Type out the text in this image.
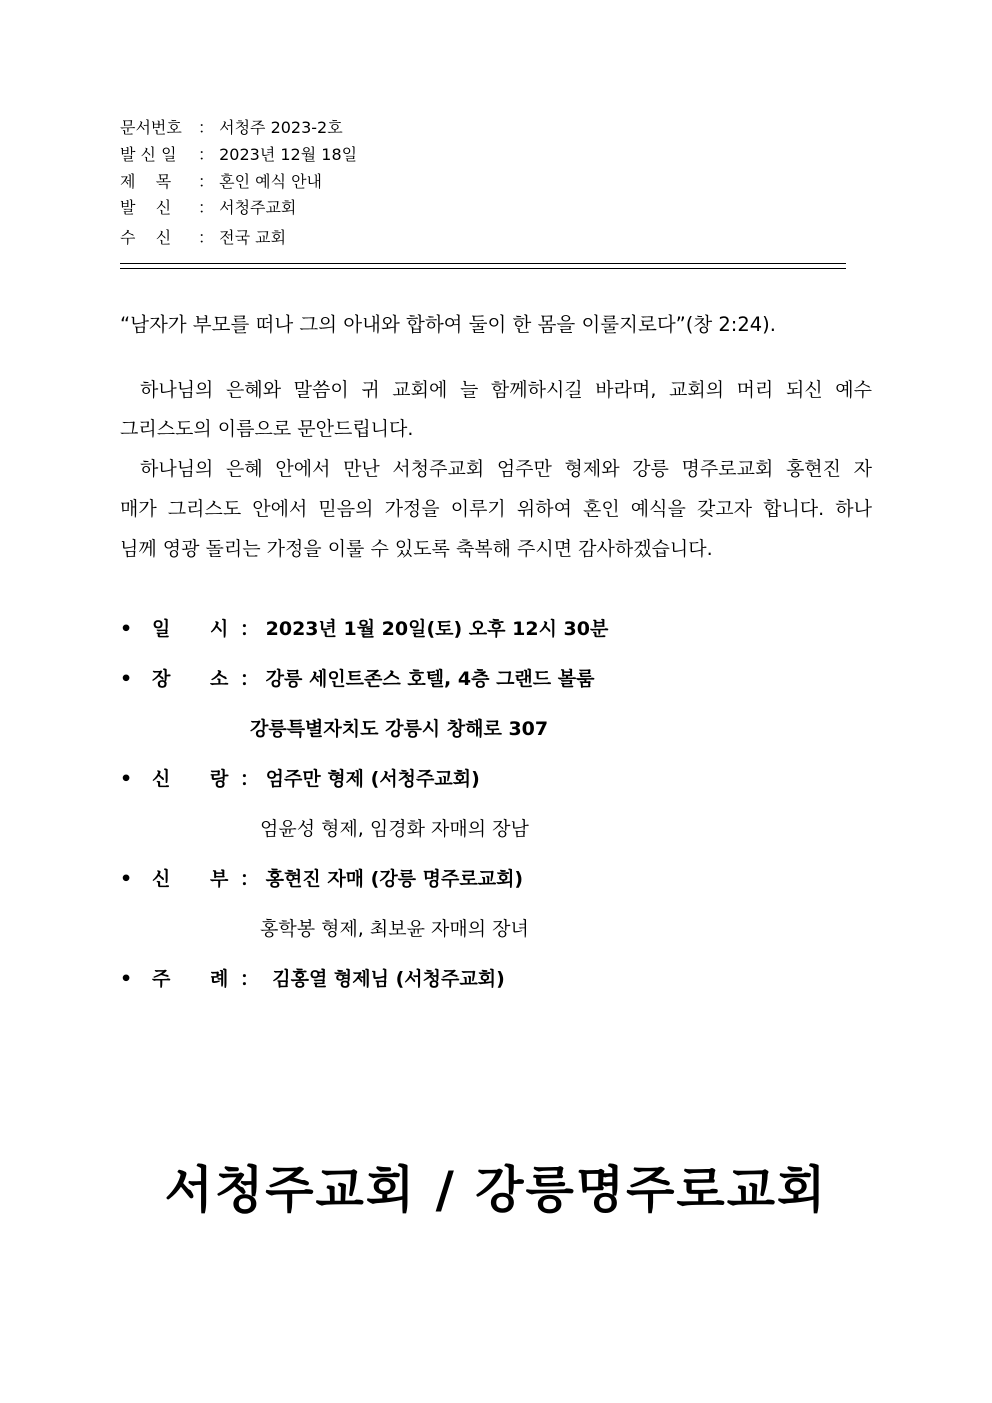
문서번호 ： 서청주 2023-2호
발 신 일 ： 2023년 12월 18일
제    목 ： 혼인 예식 안내
발    신 ： 서청주교회
수    신 ： 전국 교회
“남자가 부모를 떠나 그의 아내와 합하여 둘이 한 몸을 이룰지로다”(창 2:24).
하나님의 은혜와 말씀이 귀 교회에 늘 함께하시길 바라며, 교회의 머리 되신 예수
그리스도의 이름으로 문안드립니다.
하나님의 은혜 안에서 만난 서청주교회 엄주만 형제와 강릉 명주로교회 홍현진 자
매가 그리스도 안에서 믿음의 가정을 이루기 위하여 혼인 예식을 갖고자 합니다. 하나
님께 영광 돌리는 가정을 이룰 수 있도록 축복해 주시면 감사하겠습니다.
• 일      시 ： 2023년 1월 20일(토) 오후 12시 30분
• 장      소 ： 강릉 세인트존스 호텔, 4층 그랜드 볼룸
강릉특별자치도 강릉시 창해로 307
• 신      랑 ： 엄주만 형제 (서청주교회)
엄윤성 형제, 임경화 자매의 장남
• 신      부 ： 홍현진 자매 (강릉 명주로교회)
홍학봉 형제, 최보윤 자매의 장녀
• 주      례 ：  김홍열 형제님 (서청주교회)
서청주교회 / 강릉명주로교회
